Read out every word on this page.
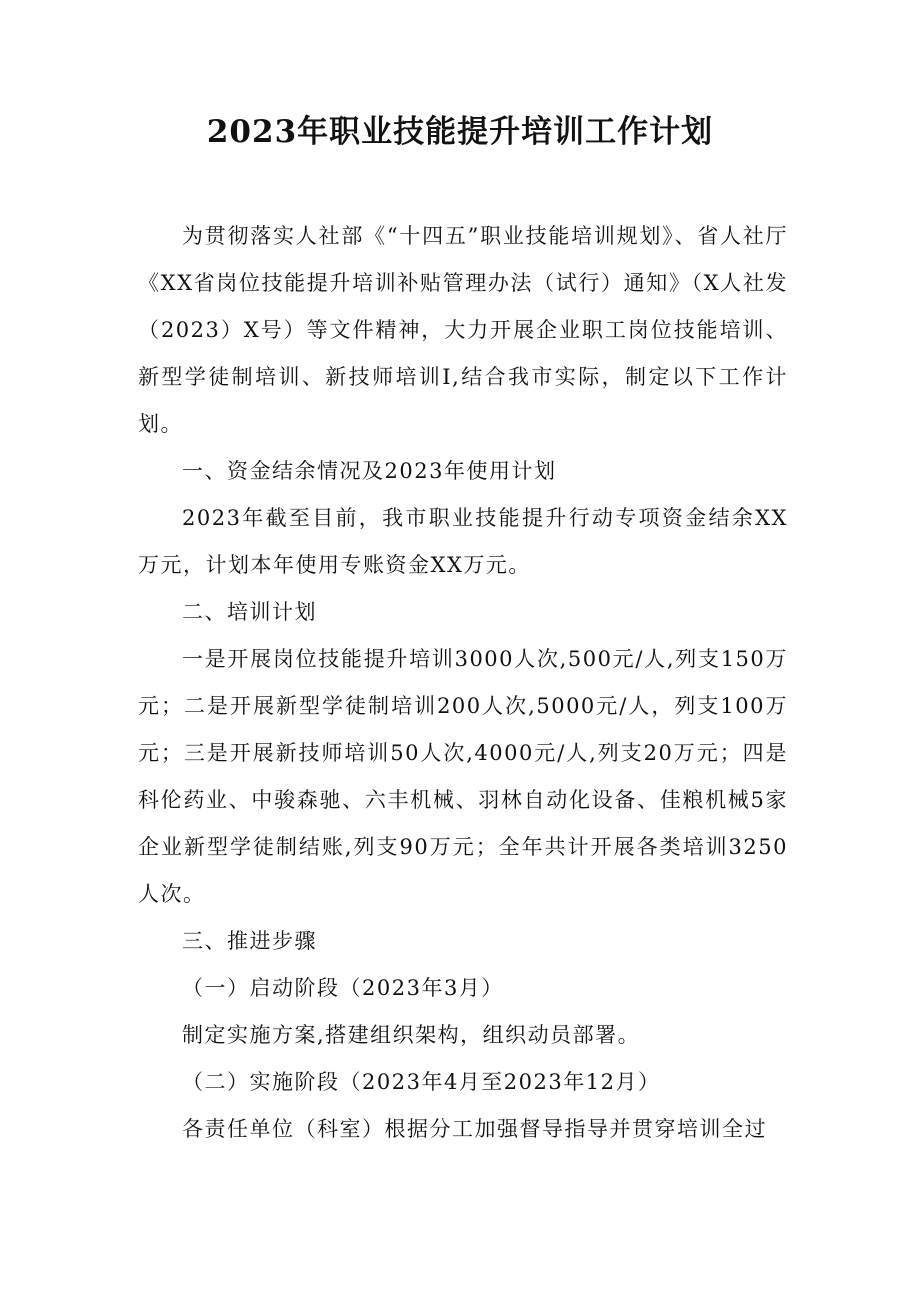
2023年职业技能提升培训工作计划

为贯彻落实人社部《“十四五”职业技能培训规划》、省人社厅《XX省岗位技能提升培训补贴管理办法（试行）通知》（X人社发（2023）X号）等文件精神，大力开展企业职工岗位技能培训、新型学徒制培训、新技师培训I,结合我市实际，制定以下工作计划。

一、资金结余情况及2023年使用计划

2023年截至目前，我市职业技能提升行动专项资金结余XX万元，计划本年使用专账资金XX万元。

二、培训计划

一是开展岗位技能提升培训3000人次,500元/人,列支150万元；二是开展新型学徒制培训200人次,5000元/人，列支100万元；三是开展新技师培训50人次,4000元/人,列支20万元；四是科伦药业、中骏森驰、六丰机械、羽林自动化设备、佳粮机械5家企业新型学徒制结账,列支90万元；全年共计开展各类培训3250人次。

三、推进步骤

（一）启动阶段（2023年3月）

制定实施方案,搭建组织架构，组织动员部署。

（二）实施阶段（2023年4月至2023年12月）

各责任单位（科室）根据分工加强督导指导并贯穿培训全过
